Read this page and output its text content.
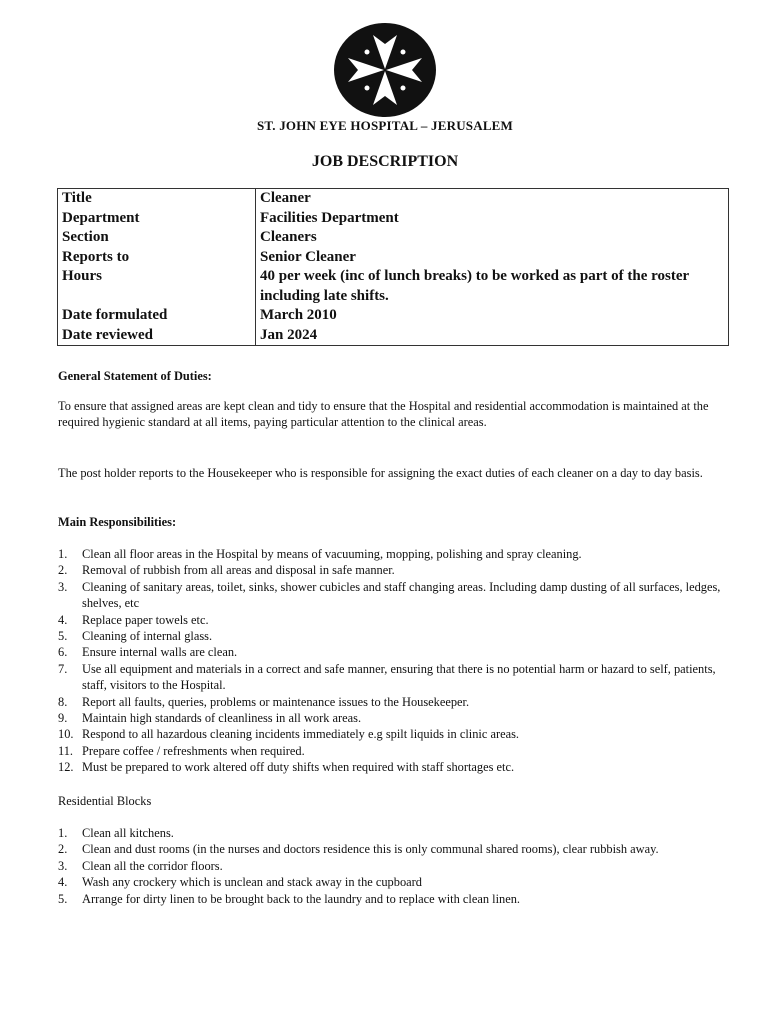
ST. JOHN EYE HOSPITAL – JERUSALEM
JOB DESCRIPTION
Title	Cleaner
Department	Facilities Department
Section	Cleaners
Reports to	Senior Cleaner
Hours	40 per week (inc of lunch breaks) to be worked as part of the roster including late shifts.
Date formulated	March 2010
Date reviewed	Jan 2024
General Statement of Duties:
To ensure that assigned areas are kept clean and tidy to ensure that the Hospital and residential accommodation is maintained at the required hygienic standard at all items, paying particular attention to the clinical areas.
The post holder reports to the Housekeeper who is responsible for assigning the exact duties of each cleaner on a day to day basis.
Main Responsibilities:
1.	Clean all floor areas in the Hospital by means of vacuuming, mopping, polishing and spray cleaning.
2.	Removal of rubbish from all areas and disposal in safe manner.
3.	Cleaning of sanitary areas, toilet, sinks, shower cubicles and staff changing areas. Including damp dusting of all surfaces, ledges, shelves, etc
4.	Replace paper towels etc.
5.	Cleaning of internal glass.
6.	Ensure internal walls are clean.
7.	Use all equipment and materials in a correct and safe manner, ensuring that there is no potential harm or hazard to self, patients, staff, visitors to the Hospital.
8.	Report all faults, queries, problems or maintenance issues to the Housekeeper.
9.	Maintain high standards of cleanliness in all work areas.
10. Respond to all hazardous cleaning incidents immediately e.g spilt liquids in clinic areas.
11. Prepare coffee / refreshments when required.
12. Must be prepared to work altered off duty shifts when required with staff shortages etc.
Residential Blocks
1.	Clean all kitchens.
2.	Clean and dust rooms (in the nurses and doctors residence this is only communal shared rooms), clear rubbish away.
3.	Clean all the corridor floors.
4.	Wash any crockery which is unclean and stack away in the cupboard
5.	Arrange for dirty linen to be brought back to the laundry and to replace with clean linen.
